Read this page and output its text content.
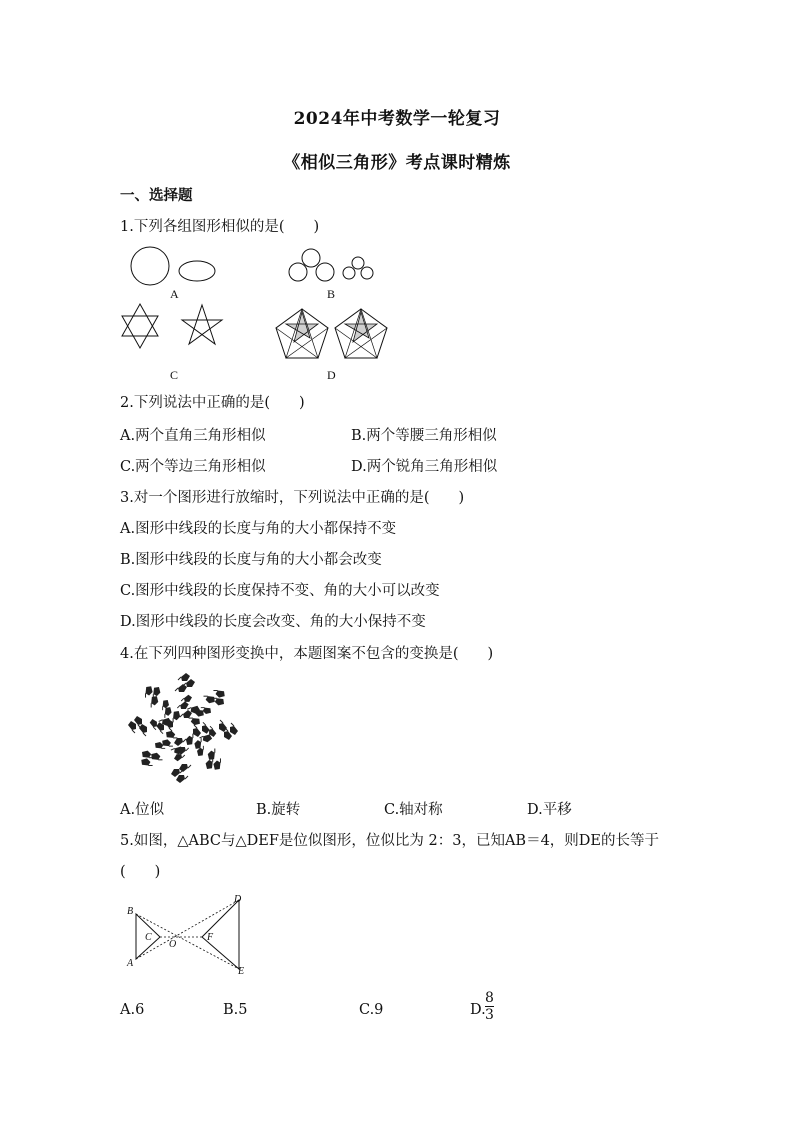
2024年中考数学一轮复习
《相似三角形》考点课时精炼
一、选择题
1.下列各组图形相似的是(　　)
A	B
C	D
2.下列说法中正确的是(　　)
A.两个直角三角形相似	B.两个等腰三角形相似
C.两个等边三角形相似	D.两个锐角三角形相似
3.对一个图形进行放缩时，下列说法中正确的是(　　)
A.图形中线段的长度与角的大小都保持不变
B.图形中线段的长度与角的大小都会改变
C.图形中线段的长度保持不变、角的大小可以改变
D.图形中线段的长度会改变、角的大小保持不变
4.在下列四种图形变换中，本题图案不包含的变换是(　　)
A.位似	B.旋转	C.轴对称	D.平移
5.如图，△ABC与△DEF是位似图形，位似比为 2：3，已知AB＝4，则DE的长等于
(　　)
B
C
O
F
D
A
E
A.6	B.5	C.9	D.
8
3
